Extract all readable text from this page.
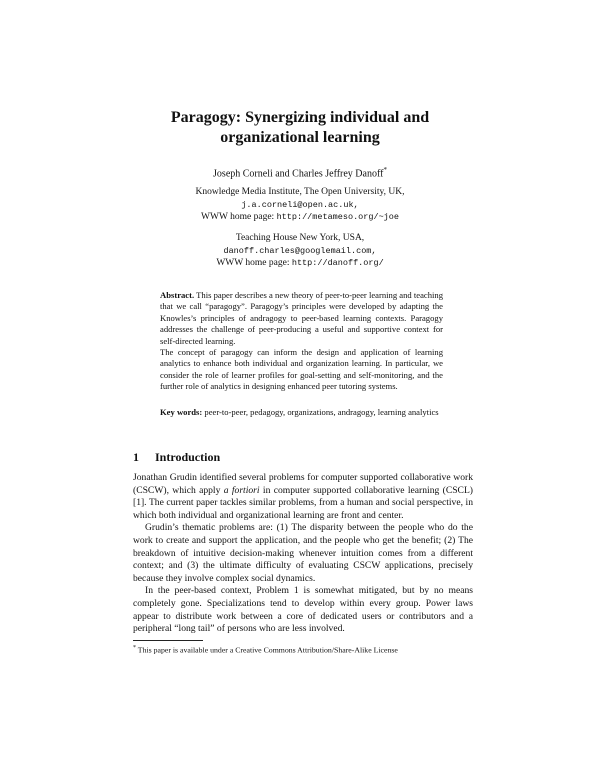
Paragogy: Synergizing individual and
organizational learning
Joseph Corneli and Charles Jeffrey Danoff*
Knowledge Media Institute, The Open University, UK,
j.a.corneli@open.ac.uk,
WWW home page: http://metameso.org/~joe
Teaching House New York, USA,
danoff.charles@googlemail.com,
WWW home page: http://danoff.org/

Abstract. This paper describes a new theory of peer-to-peer learning and teaching that we call “paragogy”. Paragogy’s principles were developed by adapting the Knowles’s principles of andragogy to peer-based learning contexts. Paragogy addresses the challenge of peer-producing a useful and supportive context for self-directed learning.

The concept of paragogy can inform the design and application of learning analytics to enhance both individual and organization learning. In particular, we consider the role of learner profiles for goal-setting and self-monitoring, and the further role of analytics in designing enhanced peer tutoring systems.

Key words: peer-to-peer, pedagogy, organizations, andragogy, learning analytics
1 Introduction

Jonathan Grudin identified several problems for computer supported collaborative work (CSCW), which apply a fortiori in computer supported collaborative learning (CSCL) [1]. The current paper tackles similar problems, from a human and social perspective, in which both individual and organizational learning are front and center.

Grudin’s thematic problems are: (1) The disparity between the people who do the work to create and support the application, and the people who get the benefit; (2) The breakdown of intuitive decision-making whenever intuition comes from a different context; and (3) the ultimate difficulty of evaluating CSCW applications, precisely because they involve complex social dynamics.

In the peer-based context, Problem 1 is somewhat mitigated, but by no means completely gone. Specializations tend to develop within every group. Power laws appear to distribute work between a core of dedicated users or contributors and a peripheral “long tail” of persons who are less involved.

* This paper is available under a Creative Commons Attribution/Share-Alike License
